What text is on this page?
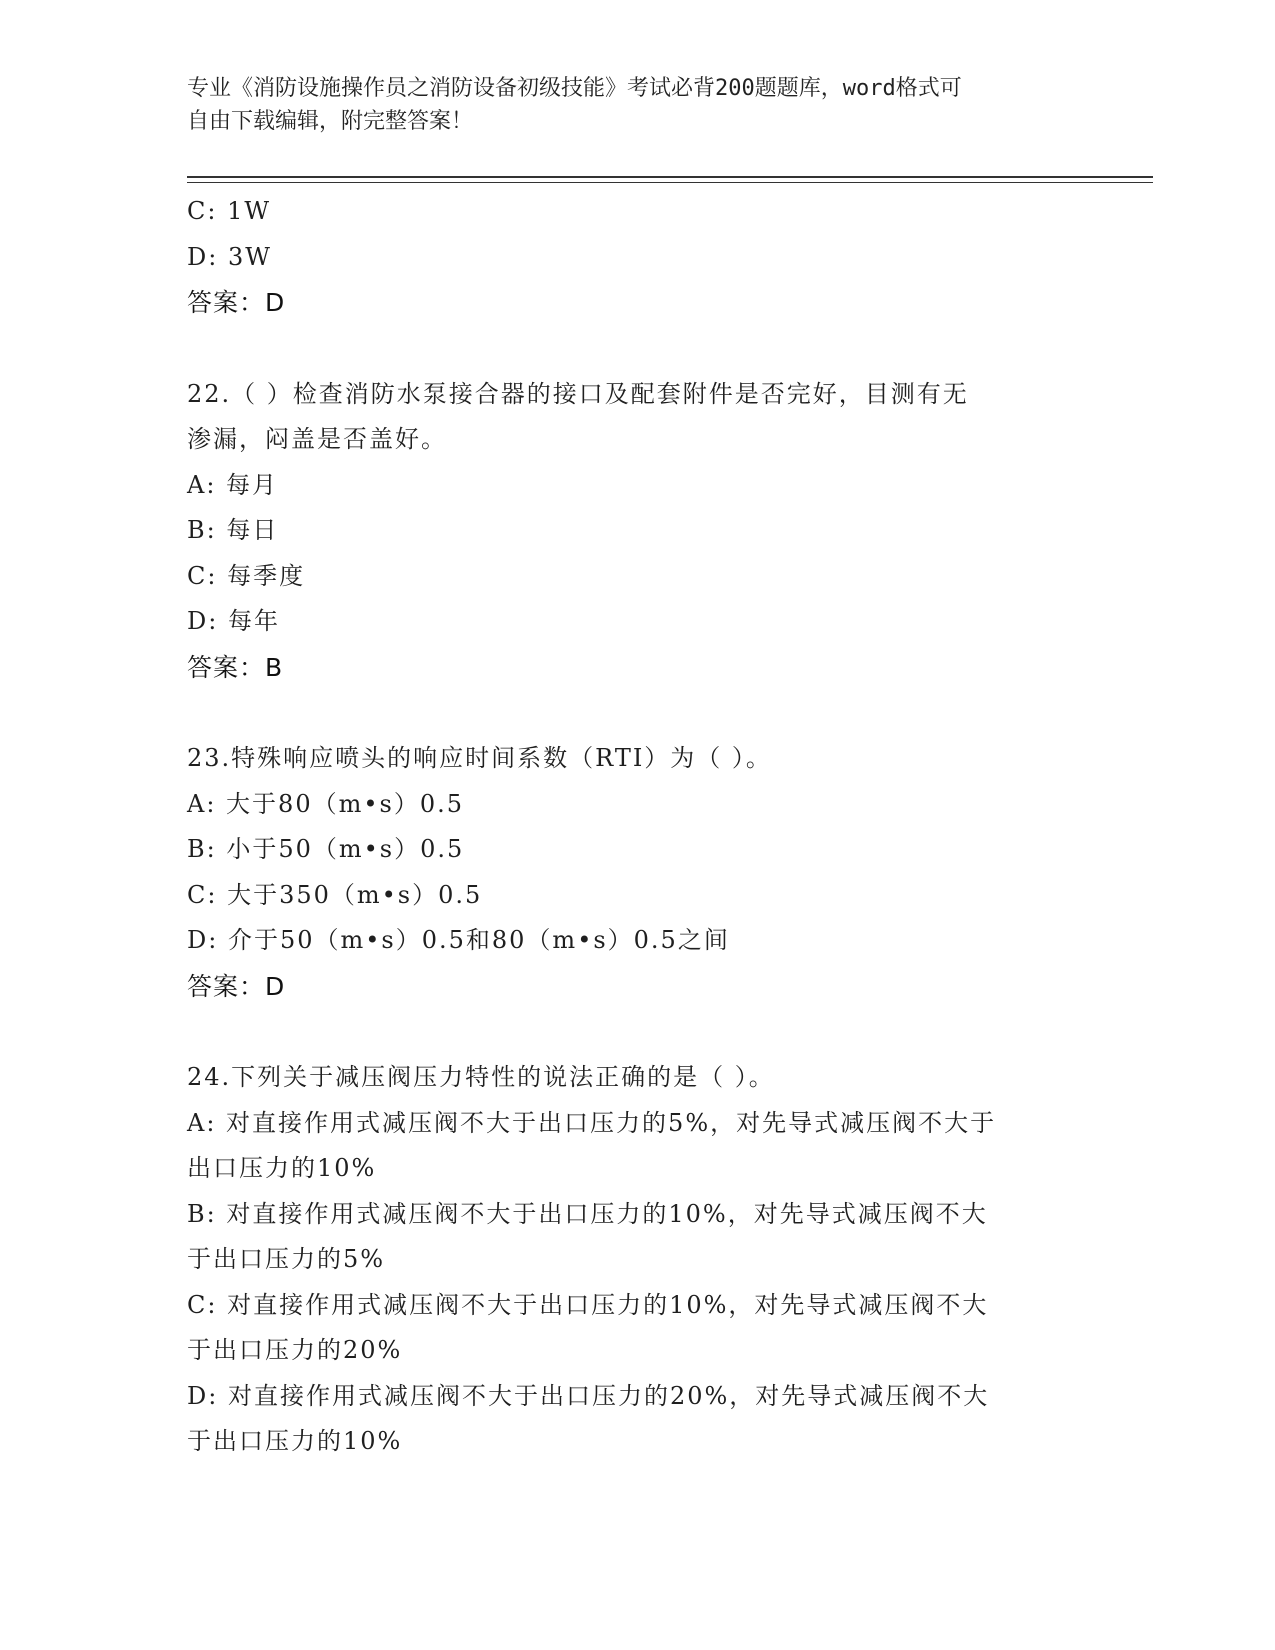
专业《消防设施操作员之消防设备初级技能》考试必背200题题库，word格式可
自由下载编辑，附完整答案！
C: 1W
D: 3W
答案：D
22.（ ）检查消防水泵接合器的接口及配套附件是否完好，目测有无
渗漏，闷盖是否盖好。
A: 每月
B: 每日
C: 每季度
D: 每年
答案：B
23.特殊响应喷头的响应时间系数（RTI）为（ ）。
A: 大于80（m•s）0.5
B: 小于50（m•s）0.5
C: 大于350（m•s）0.5
D: 介于50（m•s）0.5和80（m•s）0.5之间
答案：D
24.下列关于减压阀压力特性的说法正确的是（ ）。
A: 对直接作用式减压阀不大于出口压力的5%，对先导式减压阀不大于
出口压力的10%
B: 对直接作用式减压阀不大于出口压力的10%，对先导式减压阀不大
于出口压力的5%
C: 对直接作用式减压阀不大于出口压力的10%，对先导式减压阀不大
于出口压力的20%
D: 对直接作用式减压阀不大于出口压力的20%，对先导式减压阀不大
于出口压力的10%
